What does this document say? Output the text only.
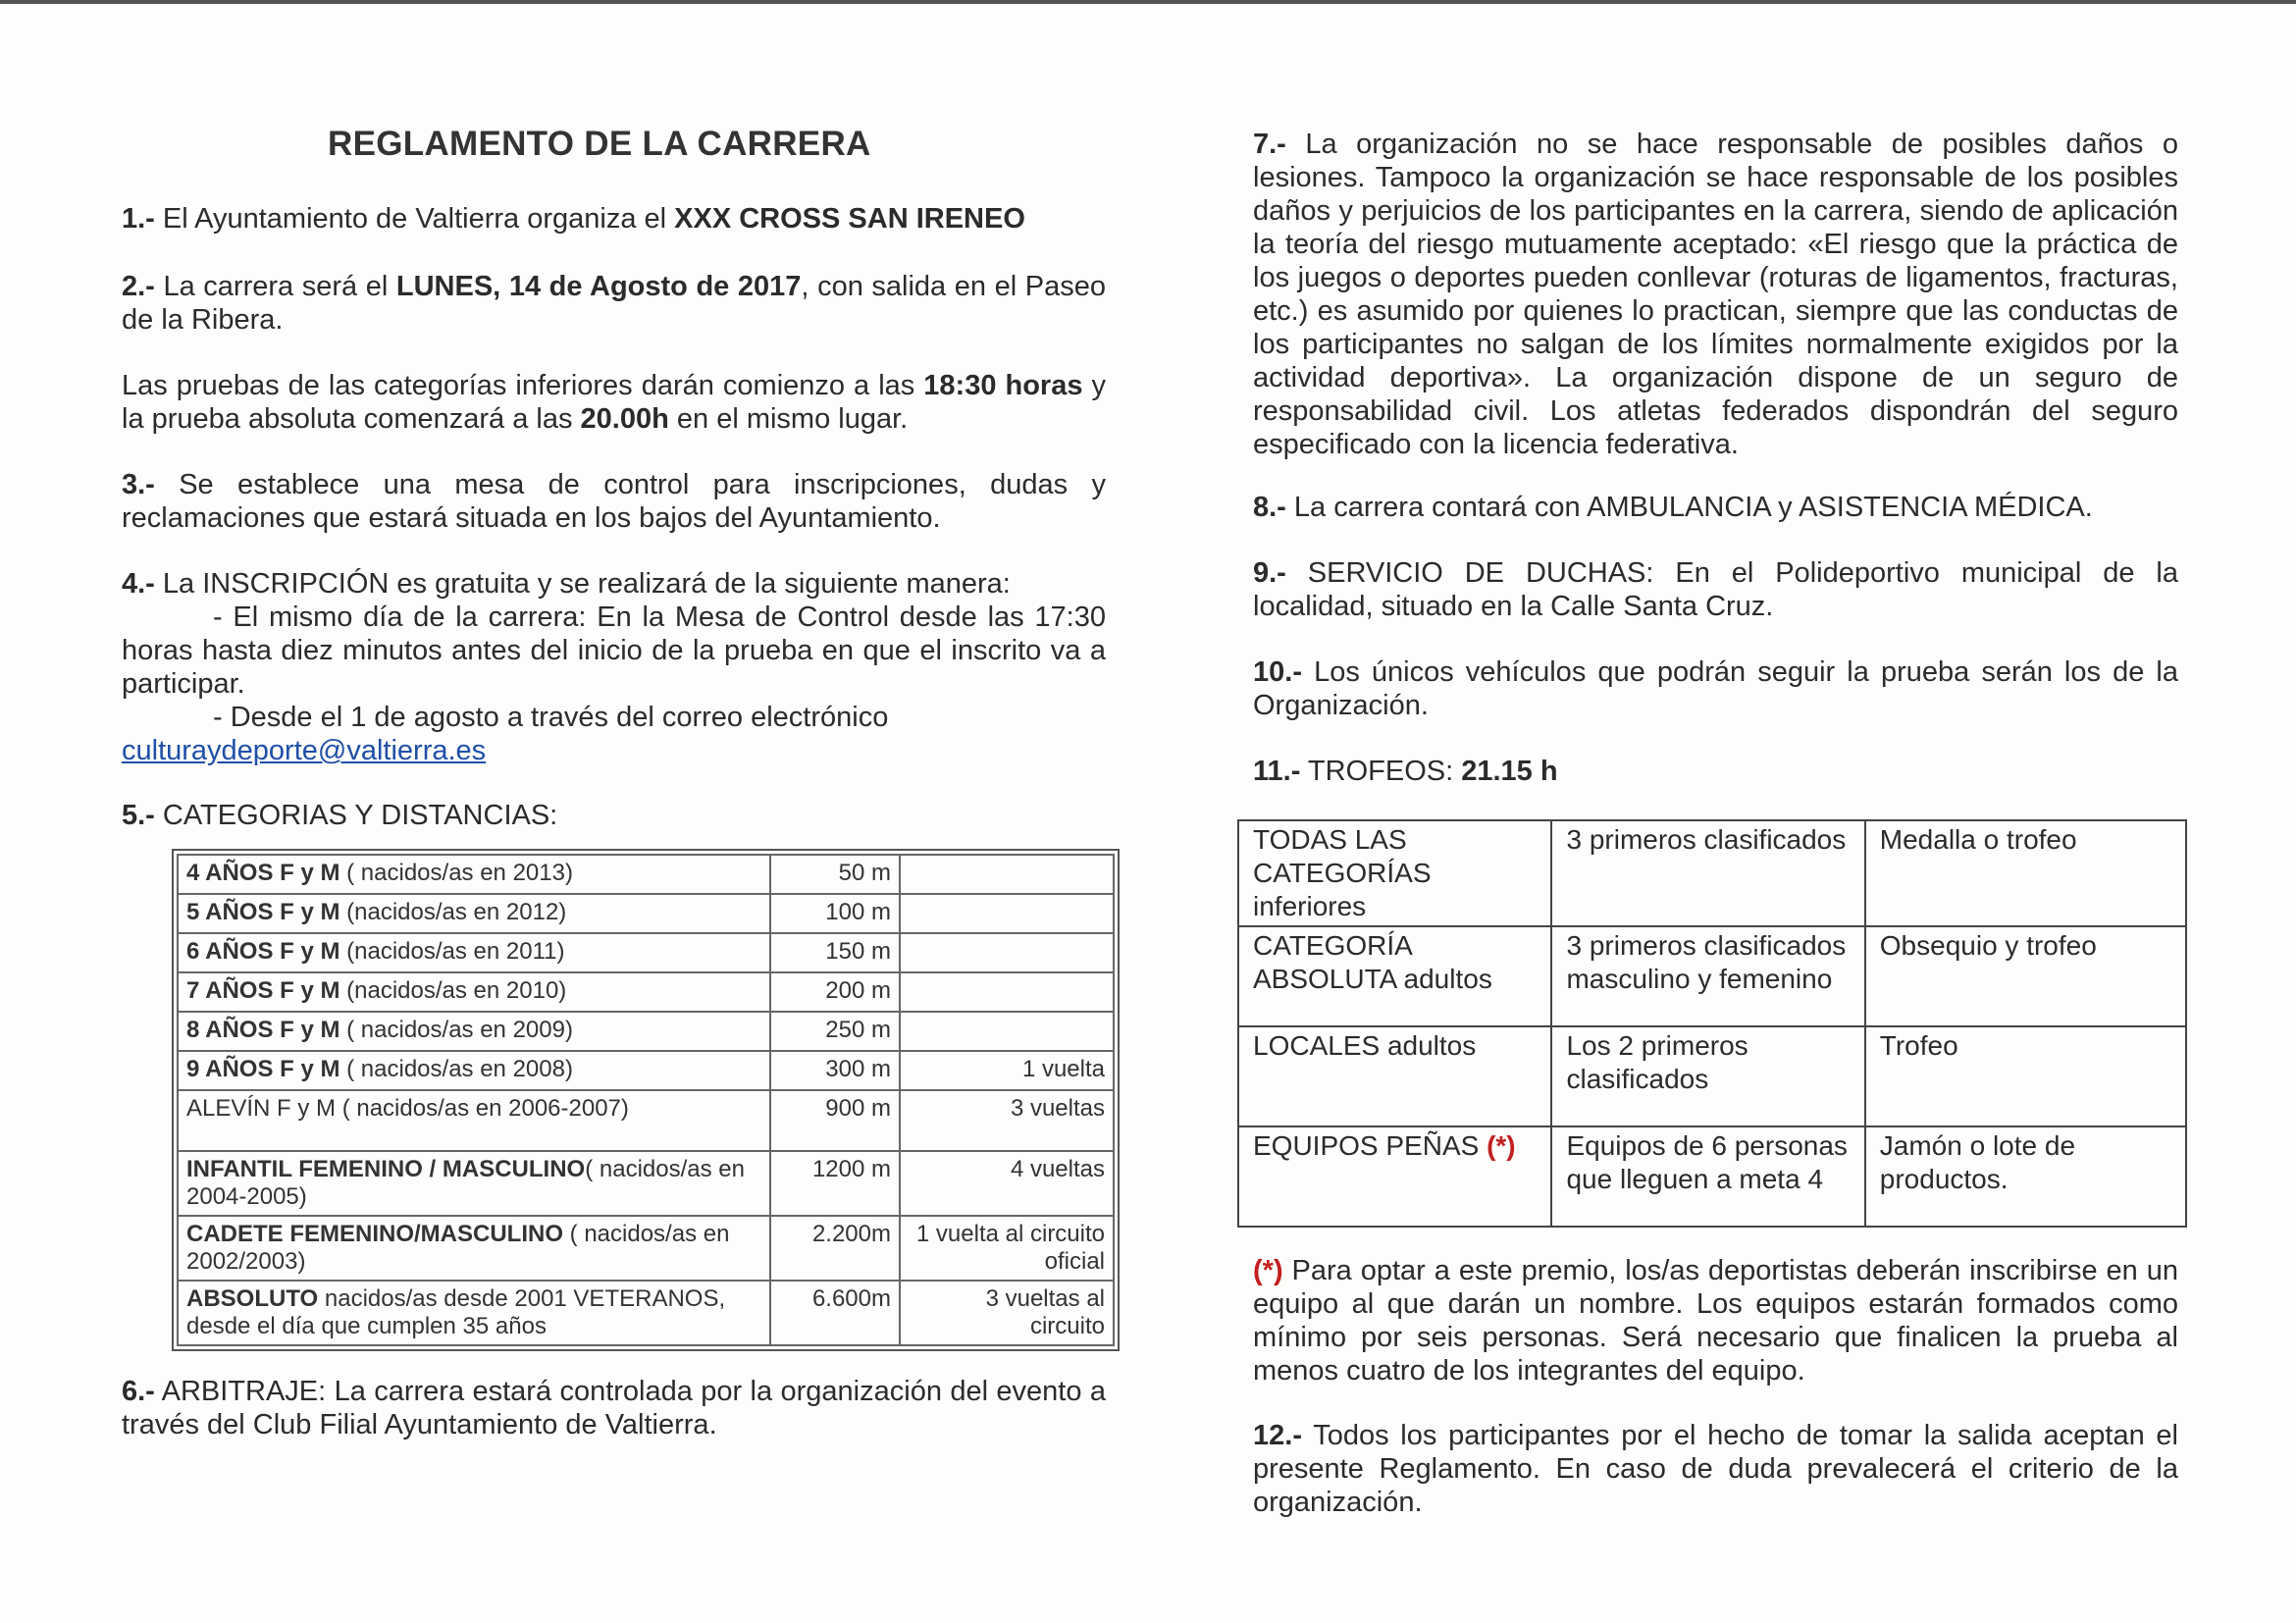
REGLAMENTO DE LA CARRERA
1.- El Ayuntamiento de Valtierra organiza el XXX CROSS SAN IRENEO
2.- La carrera será el LUNES, 14 de Agosto de 2017, con salida en el Paseo de la Ribera.
Las pruebas de las categorías inferiores darán comienzo a las 18:30 horas y la prueba absoluta comenzará a las 20.00h en el mismo lugar.
3.- Se establece una mesa de control para inscripciones, dudas y reclamaciones que estará situada en los bajos del Ayuntamiento.
4.- La INSCRIPCIÓN es gratuita y se realizará de la siguiente manera:
- El mismo día de la carrera: En la Mesa de Control desde las 17:30 horas hasta diez minutos antes del inicio de la prueba en que el inscrito va a participar.
- Desde el 1 de agosto a través del correo electrónico
culturaydeporte@valtierra.es
5.- CATEGORIAS Y DISTANCIAS:
4 AÑOS F y M ( nacidos/as en 2013)	50 m	
5 AÑOS F y M (nacidos/as en 2012)	100 m	
6 AÑOS F y M (nacidos/as en 2011)	150 m	
7 AÑOS F y M (nacidos/as en 2010)	200 m	
8 AÑOS F y M ( nacidos/as en 2009)	250 m	
9 AÑOS F y M ( nacidos/as en 2008)	300 m	1 vuelta
ALEVÍN F y M ( nacidos/as en 2006-2007)	900 m	3 vueltas
INFANTIL FEMENINO / MASCULINO( nacidos/as en 2004-2005)	1200 m	4 vueltas
CADETE FEMENINO/MASCULINO ( nacidos/as en 2002/2003)	2.200m	1 vuelta al circuito oficial
ABSOLUTO nacidos/as desde 2001 VETERANOS, desde el día que cumplen 35 años	6.600m	3 vueltas al circuito
6.- ARBITRAJE: La carrera estará controlada por la organización del evento a través del Club Filial Ayuntamiento de Valtierra.
7.- La organización no se hace responsable de posibles daños o lesiones. Tampoco la organización se hace responsable de los posibles daños y perjuicios de los participantes en la carrera, siendo de aplicación la teoría del riesgo mutuamente aceptado: «El riesgo que la práctica de los juegos o deportes pueden conllevar (roturas de ligamentos, fracturas, etc.) es asumido por quienes lo practican, siempre que las conductas de los participantes no salgan de los límites normalmente exigidos por la actividad deportiva». La organización dispone de un seguro de responsabilidad civil. Los atletas federados dispondrán del seguro especificado con la licencia federativa.
8.- La carrera contará con AMBULANCIA y ASISTENCIA MÉDICA.
9.- SERVICIO DE DUCHAS: En el Polideportivo municipal de la localidad, situado en la Calle Santa Cruz.
10.- Los únicos vehículos que podrán seguir la prueba serán los de la Organización.
11.- TROFEOS: 21.15 h
TODAS LAS CATEGORÍAS inferiores	3 primeros clasificados	Medalla o trofeo
CATEGORÍA ABSOLUTA adultos	3 primeros clasificados masculino y femenino	Obsequio y trofeo
LOCALES adultos	Los 2 primeros clasificados	Trofeo
EQUIPOS PEÑAS (*)	Equipos de 6 personas que lleguen a meta 4	Jamón o lote de productos.
(*) Para optar a este premio, los/as deportistas deberán inscribirse en un equipo al que darán un nombre. Los equipos estarán formados como mínimo por seis personas. Será necesario que finalicen la prueba al menos cuatro de los integrantes del equipo.
12.- Todos los participantes por el hecho de tomar la salida aceptan el presente Reglamento. En caso de duda prevalecerá el criterio de la organización.
